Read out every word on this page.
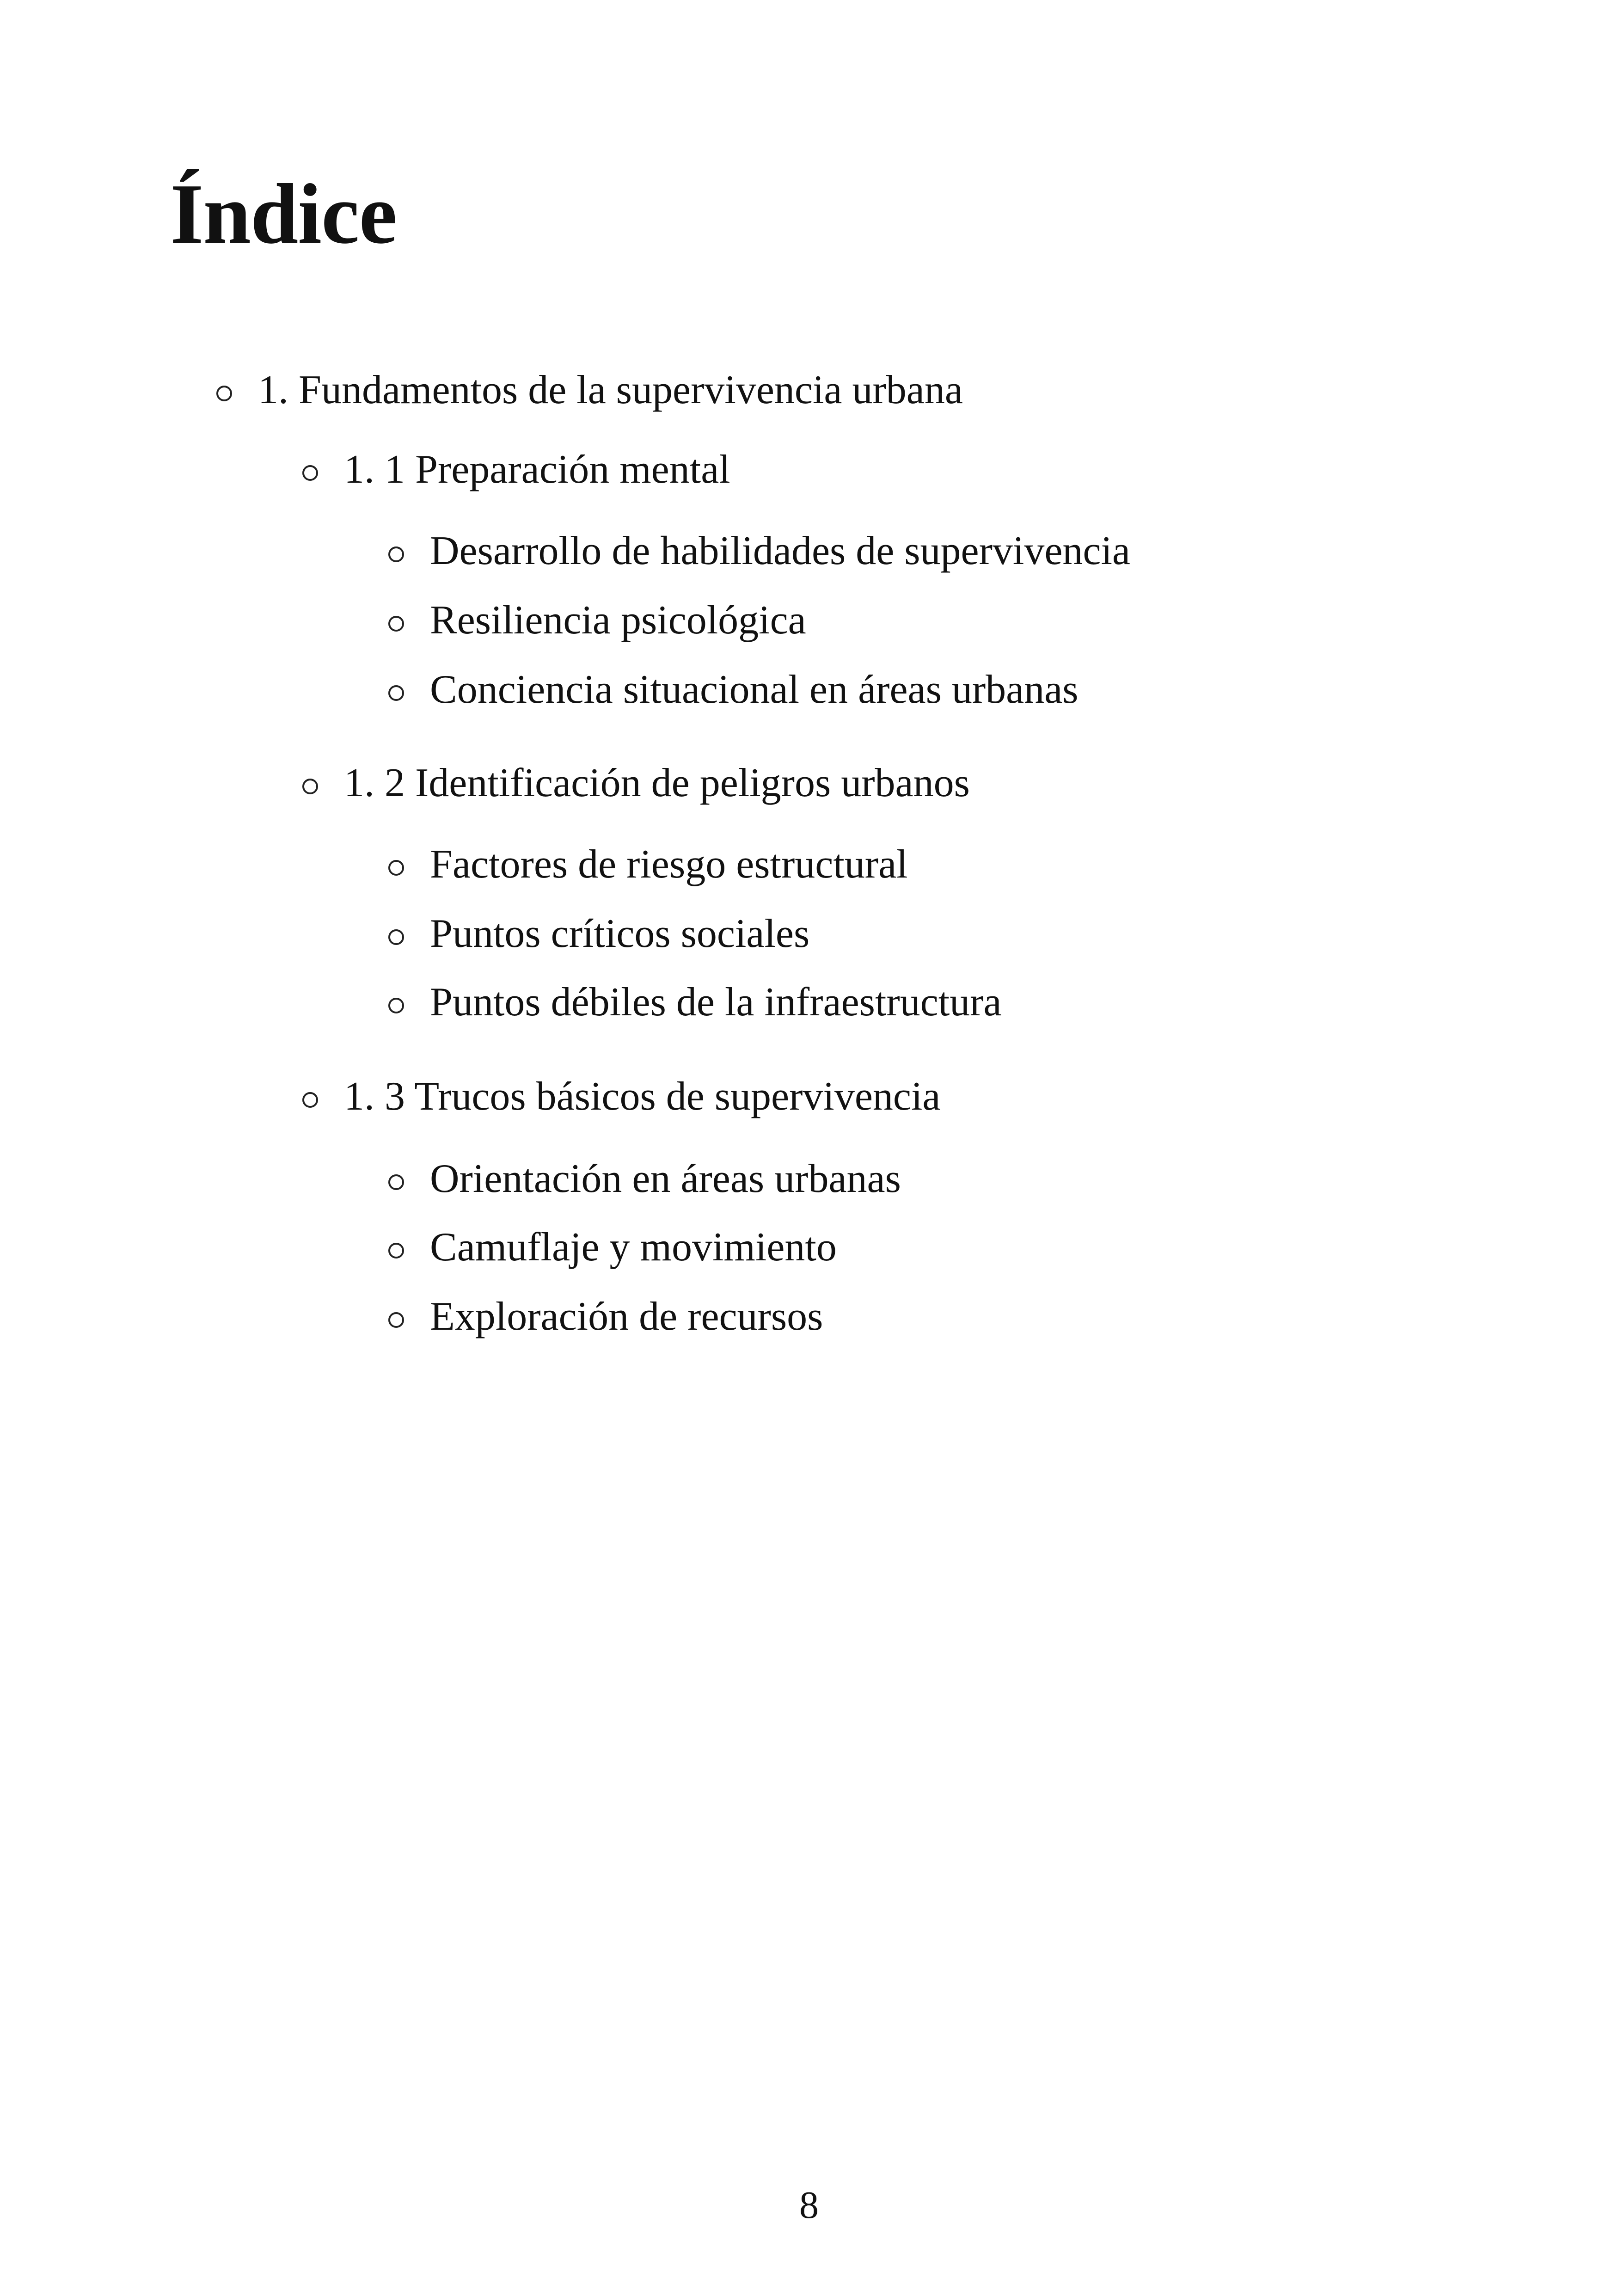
Índice
1. Fundamentos de la supervivencia urbana
1. 1 Preparación mental
Desarrollo de habilidades de supervivencia
Resiliencia psicológica
Conciencia situacional en áreas urbanas
1. 2 Identificación de peligros urbanos
Factores de riesgo estructural
Puntos críticos sociales
Puntos débiles de la infraestructura
1. 3 Trucos básicos de supervivencia
Orientación en áreas urbanas
Camuflaje y movimiento
Exploración de recursos
8
